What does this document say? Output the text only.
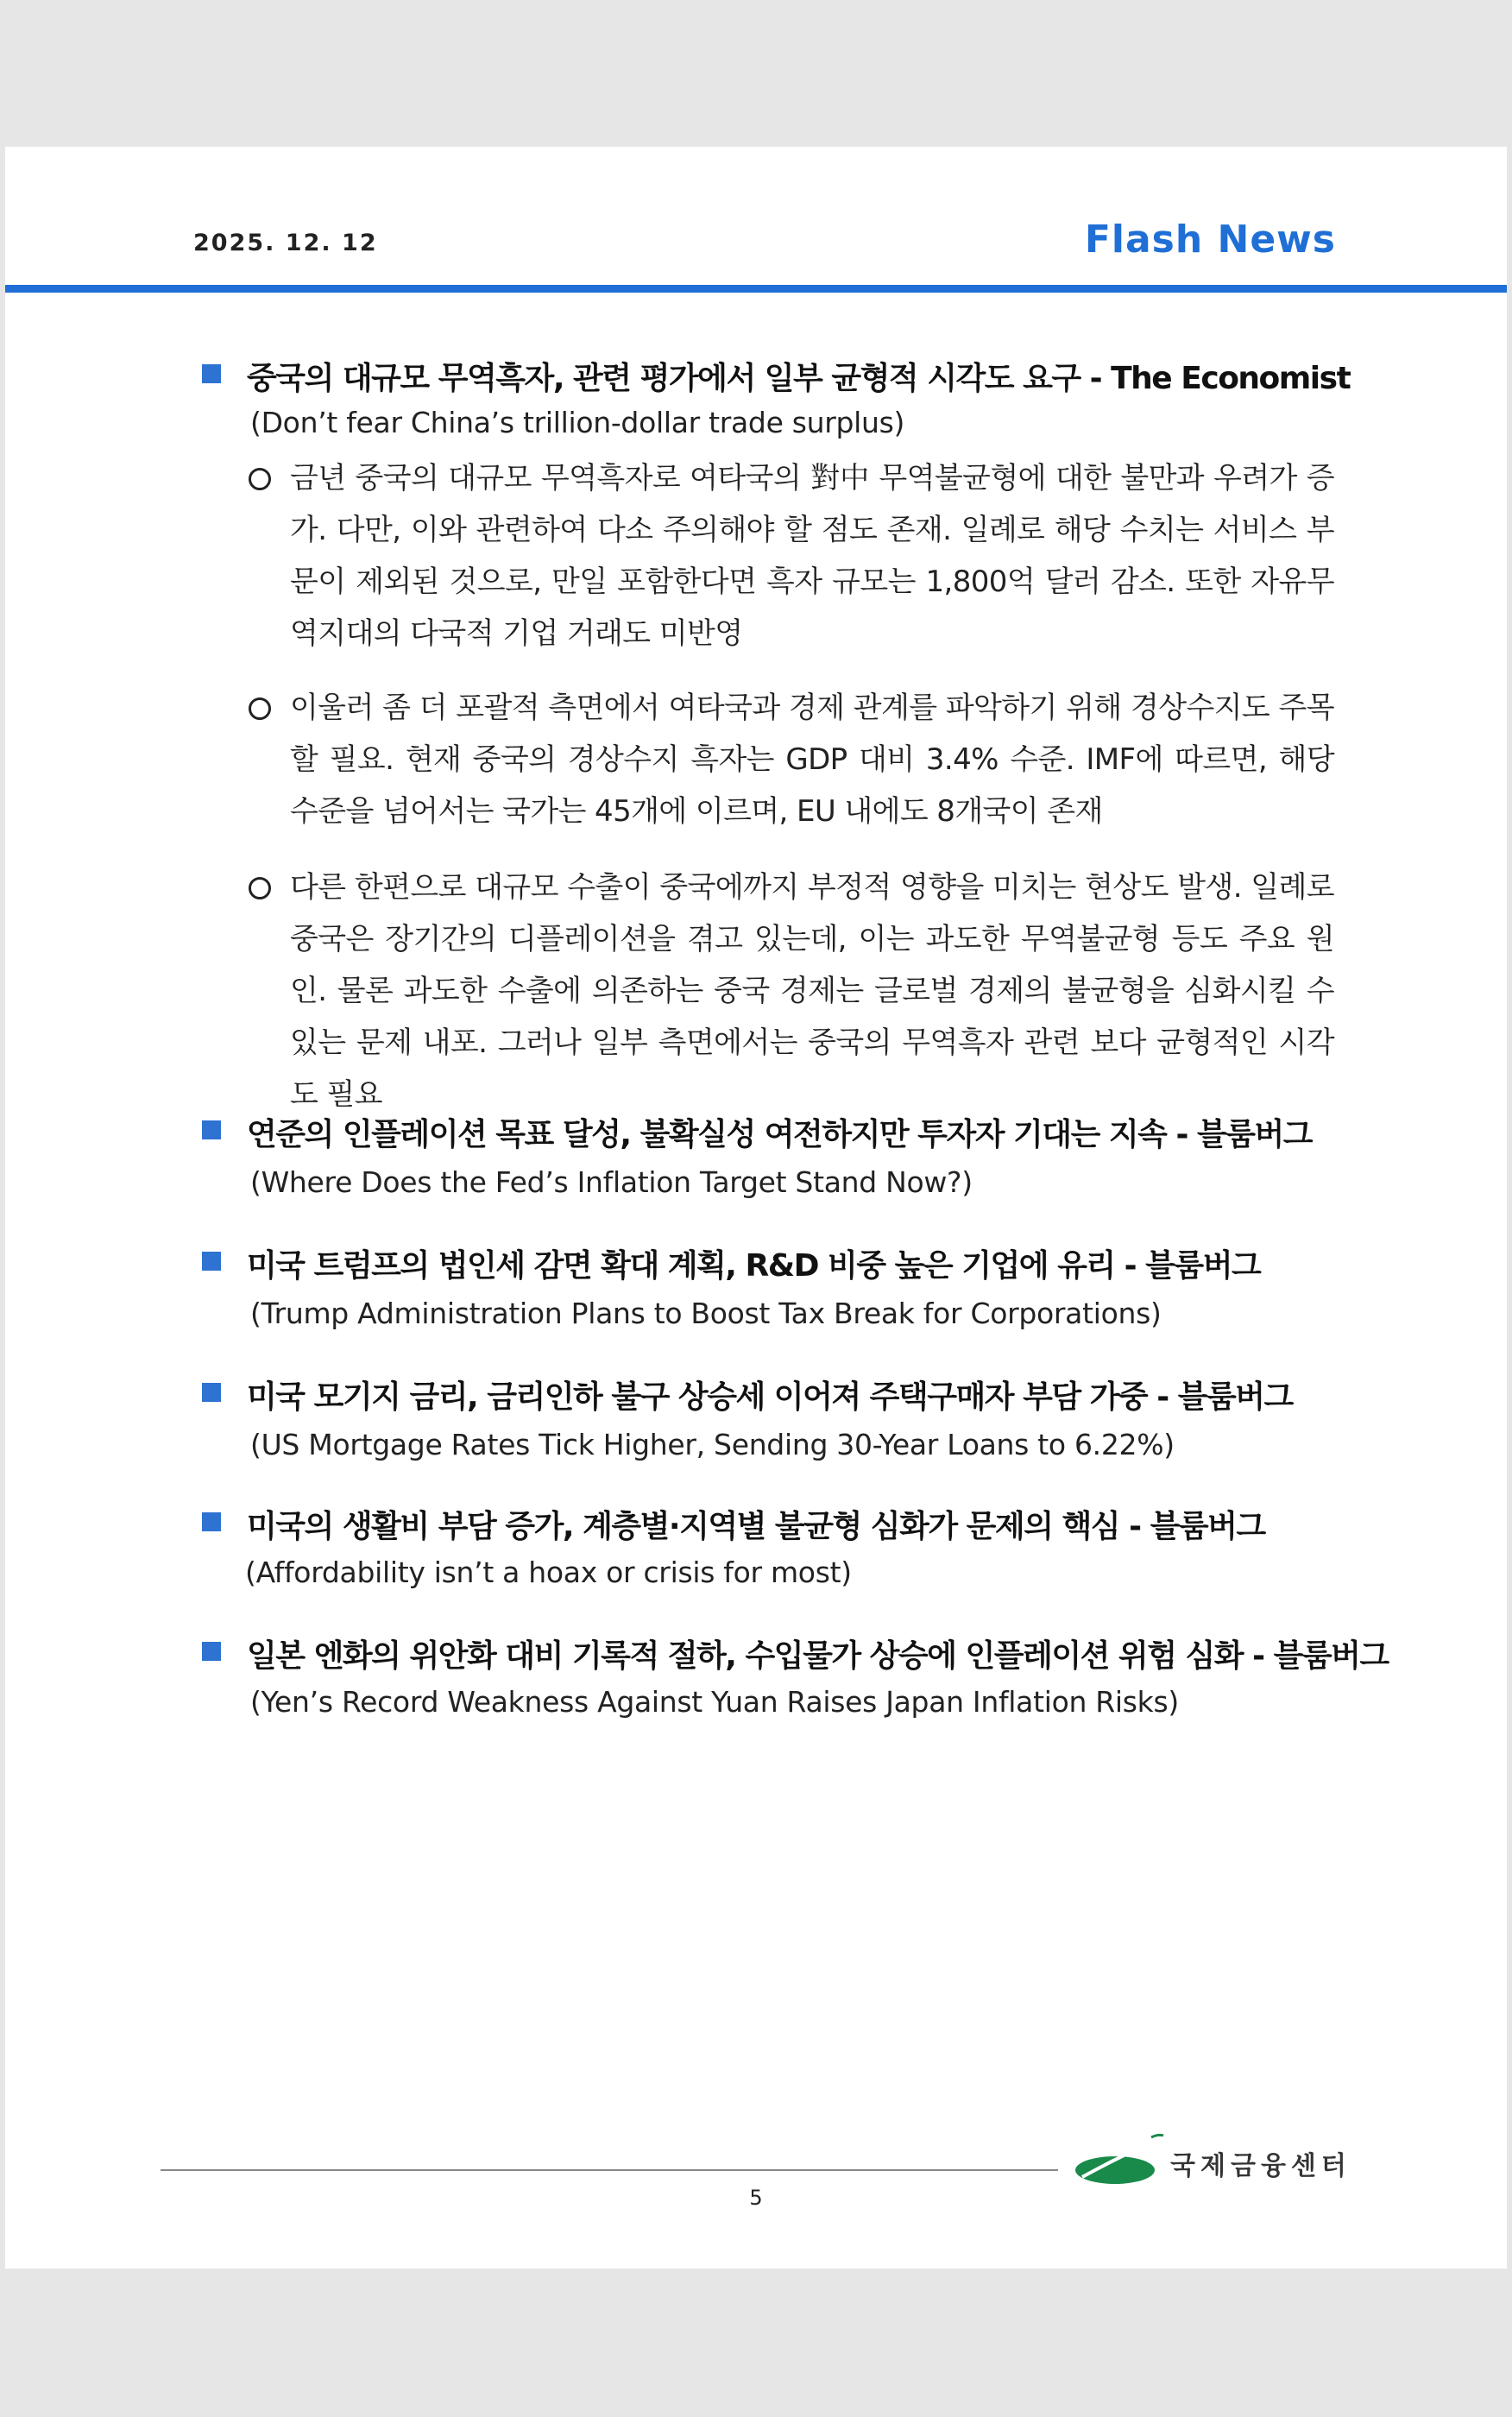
2025. 12. 12	Flash News
중국의 대규모 무역흑자, 관련 평가에서 일부 균형적 시각도 요구 - The Economist
(Don’t fear China’s trillion-dollar trade surplus)
금년 중국의 대규모 무역흑자로 여타국의 對中 무역불균형에 대한 불만과 우려가 증가. 다만, 이와 관련하여 다소 주의해야 할 점도 존재. 일례로 해당 수치는 서비스 부문이 제외된 것으로, 만일 포함한다면 흑자 규모는 1,800억 달러 감소. 또한 자유무역지대의 다국적 기업 거래도 미반영
이울러 좀 더 포괄적 측면에서 여타국과 경제 관계를 파악하기 위해 경상수지도 주목할 필요. 현재 중국의 경상수지 흑자는 GDP 대비 3.4% 수준. IMF에 따르면, 해당 수준을 넘어서는 국가는 45개에 이르며, EU 내에도 8개국이 존재
다른 한편으로 대규모 수출이 중국에까지 부정적 영향을 미치는 현상도 발생. 일례로 중국은 장기간의 디플레이션을 겪고 있는데, 이는 과도한 무역불균형 등도 주요 원인. 물론 과도한 수출에 의존하는 중국 경제는 글로벌 경제의 불균형을 심화시킬 수 있는 문제 내포. 그러나 일부 측면에서는 중국의 무역흑자 관련 보다 균형적인 시각도 필요
연준의 인플레이션 목표 달성, 불확실성 여전하지만 투자자 기대는 지속 - 블룸버그
(Where Does the Fed’s Inflation Target Stand Now?)
미국 트럼프의 법인세 감면 확대 계획, R&D 비중 높은 기업에 유리 - 블룸버그
(Trump Administration Plans to Boost Tax Break for Corporations)
미국 모기지 금리, 금리인하 불구 상승세 이어져 주택구매자 부담 가중 - 블룸버그
(US Mortgage Rates Tick Higher, Sending 30-Year Loans to 6.22%)
미국의 생활비 부담 증가, 계층별·지역별 불균형 심화가 문제의 핵심 - 블룸버그
(Affordability isn’t a hoax or crisis for most)
일본 엔화의 위안화 대비 기록적 절하, 수입물가 상승에 인플레이션 위험 심화 - 블룸버그
(Yen’s Record Weakness Against Yuan Raises Japan Inflation Risks)
국제금융센터
5
